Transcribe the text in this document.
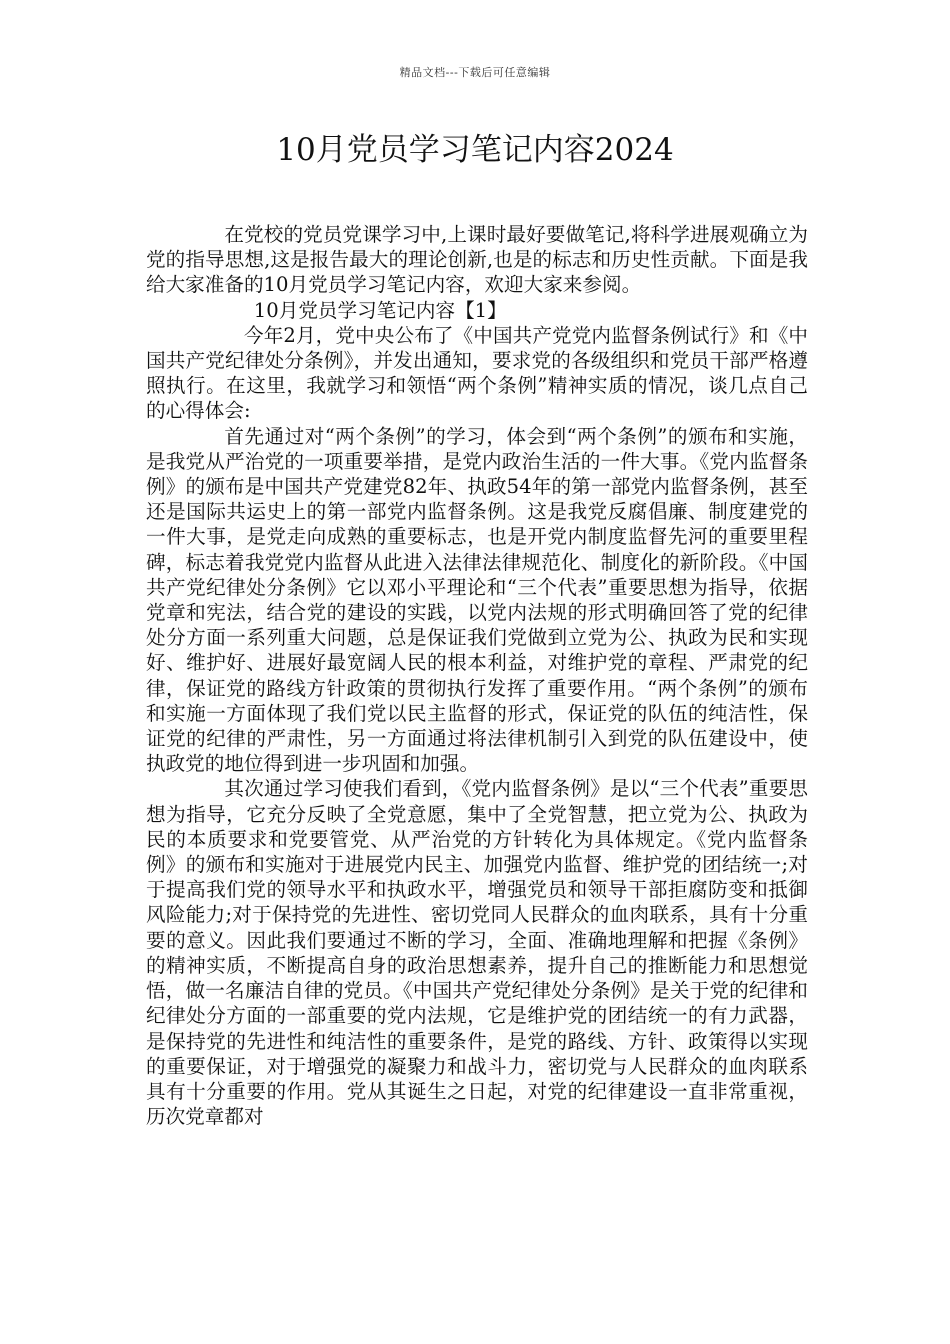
精品文档---下载后可任意编辑
10月党员学习笔记内容2024

在党校的党员党课学习中,上课时最好要做笔记,将科学进展观确立为党的指导思想,这是报告最大的理论创新,也是的标志和历史性贡献。下面是我给大家准备的10月党员学习笔记内容，欢迎大家来参阅。

10月党员学习笔记内容【1】

今年2月，党中央公布了《中国共产党党内监督条例试行》和《中国共产党纪律处分条例》，并发出通知，要求党的各级组织和党员干部严格遵照执行。在这里，我就学习和领悟“两个条例”精神实质的情况，谈几点自己的心得体会:

首先通过对“两个条例”的学习，体会到“两个条例”的颁布和实施，是我党从严治党的一项重要举措，是党内政治生活的一件大事。《党内监督条例》的颁布是中国共产党建党82年、执政54年的第一部党内监督条例，甚至还是国际共运史上的第一部党内监督条例。这是我党反腐倡廉、制度建党的一件大事，是党走向成熟的重要标志，也是开党内制度监督先河的重要里程碑，标志着我党党内监督从此进入法律法律规范化、制度化的新阶段。《中国共产党纪律处分条例》它以邓小平理论和“三个代表”重要思想为指导，依据党章和宪法，结合党的建设的实践，以党内法规的形式明确回答了党的纪律处分方面一系列重大问题，总是保证我们党做到立党为公、执政为民和实现好、维护好、进展好最宽阔人民的根本利益，对维护党的章程、严肃党的纪律，保证党的路线方针政策的贯彻执行发挥了重要作用。“两个条例”的颁布和实施一方面体现了我们党以民主监督的形式，保证党的队伍的纯洁性，保证党的纪律的严肃性，另一方面通过将法律机制引入到党的队伍建设中，使执政党的地位得到进一步巩固和加强。

其次通过学习使我们看到，《党内监督条例》是以“三个代表”重要思想为指导，它充分反映了全党意愿，集中了全党智慧，把立党为公、执政为民的本质要求和党要管党、从严治党的方针转化为具体规定。《党内监督条例》的颁布和实施对于进展党内民主、加强党内监督、维护党的团结统一;对于提高我们党的领导水平和执政水平，增强党员和领导干部拒腐防变和抵御风险能力;对于保持党的先进性、密切党同人民群众的血肉联系，具有十分重要的意义。因此我们要通过不断的学习，全面、准确地理解和把握《条例》的精神实质，不断提高自身的政治思想素养，提升自己的推断能力和思想觉悟，做一名廉洁自律的党员。《中国共产党纪律处分条例》是关于党的纪律和纪律处分方面的一部重要的党内法规，它是维护党的团结统一的有力武器，是保持党的先进性和纯洁性的重要条件，是党的路线、方针、政策得以实现的重要保证，对于增强党的凝聚力和战斗力，密切党与人民群众的血肉联系具有十分重要的作用。党从其诞生之日起，对党的纪律建设一直非常重视，历次党章都对
